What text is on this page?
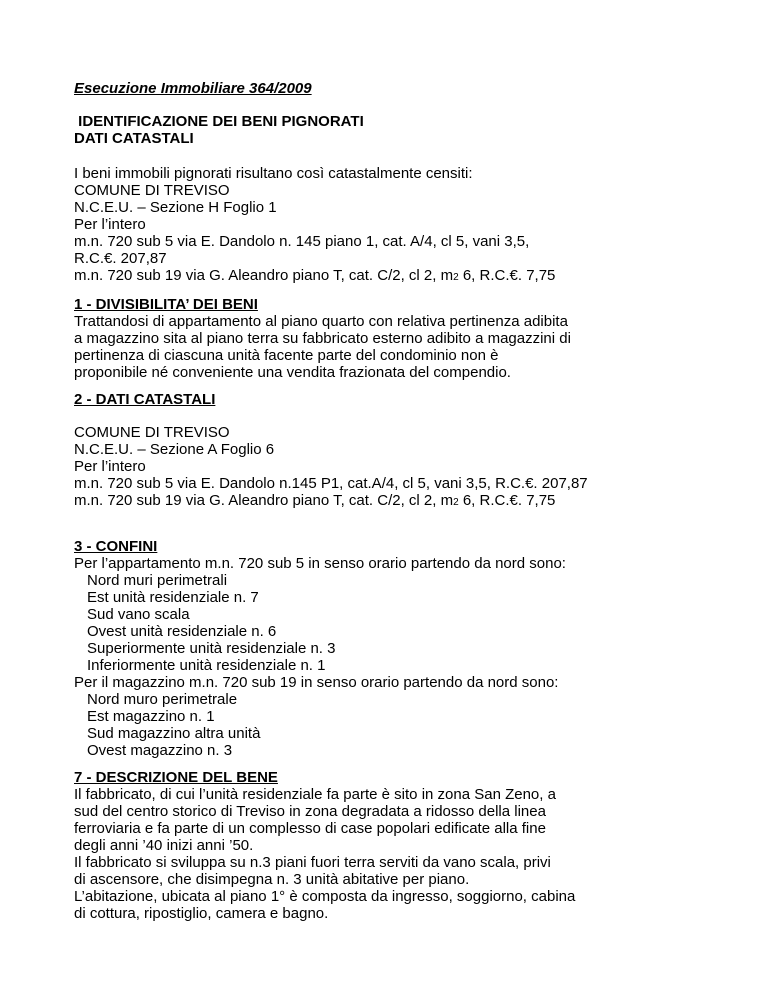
Esecuzione Immobiliare 364/2009
IDENTIFICAZIONE DEI BENI PIGNORATI
DATI CATASTALI
I beni immobili pignorati risultano così catastalmente censiti:
COMUNE DI TREVISO
N.C.E.U. – Sezione H Foglio 1
Per l’intero
m.n. 720 sub 5 via E. Dandolo n. 145 piano 1, cat. A/4, cl 5, vani 3,5,
R.C.€. 207,87
m.n. 720 sub 19 via G. Aleandro piano T, cat. C/2, cl 2, m2 6, R.C.€. 7,75
1 - DIVISIBILITA’ DEI BENI
Trattandosi di appartamento al piano quarto con relativa pertinenza adibita
a magazzino sita al piano terra su fabbricato esterno adibito a magazzini di
pertinenza di ciascuna unità facente parte del condominio non è
proponibile né conveniente una vendita frazionata del compendio.
2 - DATI CATASTALI
COMUNE DI TREVISO
N.C.E.U. – Sezione A Foglio 6
Per l’intero
m.n. 720 sub 5 via E. Dandolo n.145 P1, cat.A/4, cl 5, vani 3,5, R.C.€. 207,87
m.n. 720 sub 19 via G. Aleandro piano T, cat. C/2, cl 2, m2 6, R.C.€. 7,75
3 - CONFINI
Per l’appartamento m.n. 720 sub 5 in senso orario partendo da nord sono:
Nord muri perimetrali
Est unità residenziale n. 7
Sud vano scala
Ovest unità residenziale n. 6
Superiormente unità residenziale n. 3
Inferiormente unità residenziale n. 1
Per il magazzino m.n. 720 sub 19 in senso orario partendo da nord sono:
Nord muro perimetrale
Est magazzino n. 1
Sud magazzino altra unità
Ovest magazzino n. 3
7 - DESCRIZIONE DEL BENE
Il fabbricato, di cui l’unità residenziale fa parte è sito in zona San Zeno, a
sud del centro storico di Treviso in zona degradata a ridosso della linea
ferroviaria e fa parte di un complesso di case popolari edificate alla fine
degli anni ’40 inizi anni ’50.
Il fabbricato si sviluppa su n.3 piani fuori terra serviti da vano scala, privi
di ascensore, che disimpegna n. 3 unità abitative per piano.
L’abitazione, ubicata al piano 1° è composta da ingresso, soggiorno, cabina
di cottura, ripostiglio, camera e bagno.
